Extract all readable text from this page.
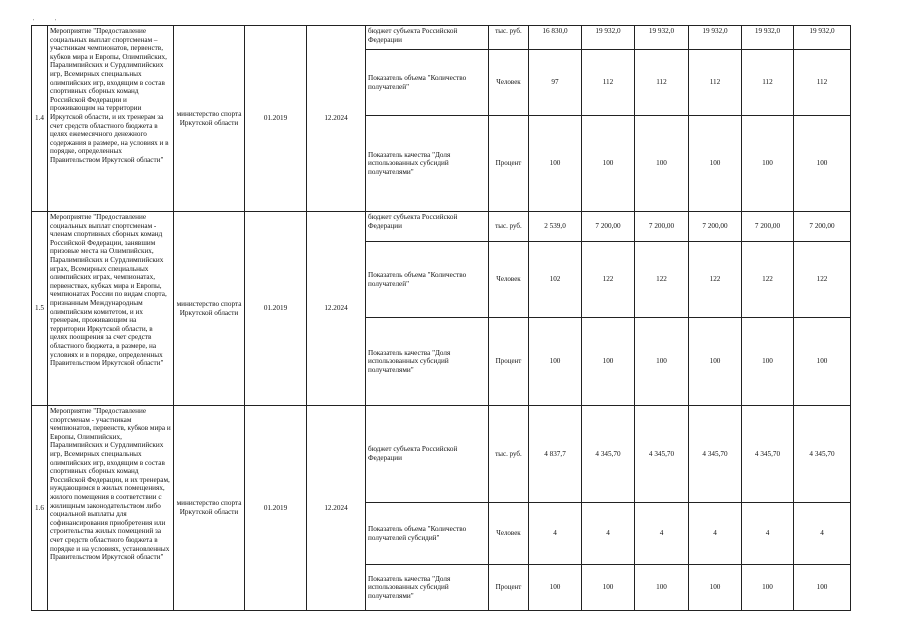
'	'
1.4	Мероприятие "Предоставление социальных выплат спортсменам – участникам чемпионатов, первенств, кубков мира и Европы, Олимпийских, Паралимпийских и Сурдлимпийских игр, Всемирных специальных олимпийских игр, входящим в состав спортивных сборных команд Российской Федерации и проживающим на территории Иркутской области, и их тренерам за счет средств областного бюджета в целях ежемесячного денежного содержания в размере, на условиях и в порядке, определенных Правительством Иркутской области"	министерство спорта Иркутской области	01.2019	12.2024	бюджет субъекта Российской Федерации	тыс. руб.	16 830,0	19 932,0	19 932,0	19 932,0	19 932,0	19 932,0
					Показатель объема "Количество получателей"	Человек	97	112	112	112	112	112
					Показатель качества "Доля использованных субсидий получателями"	Процент	100	100	100	100	100	100
1.5	Мероприятие "Предоставление социальных выплат спортсменам - членам спортивных сборных команд Российской Федерации, занявшим призовые места на Олимпийских, Паралимпийских и Сурдлимпийских играх, Всемирных специальных олимпийских играх, чемпионатах, первенствах, кубках мира и Европы, чемпионатах России по видам спорта, признанным Международным олимпийским комитетом, и их тренерам, проживающим на территории Иркутской области, в целях поощрения за счет средств областного бюджета, в размере, на условиях и в порядке, определенных Правительством Иркутской области"	министерство спорта Иркутской области	01.2019	12.2024	бюджет субъекта Российской Федерации	тыс. руб.	2 539,0	7 200,00	7 200,00	7 200,00	7 200,00	7 200,00
					Показатель объема "Количество получателей"	Человек	102	122	122	122	122	122
					Показатель качества "Доля использованных субсидий получателями"	Процент	100	100	100	100	100	100
1.6	Мероприятие "Предоставление спортсменам - участникам чемпионатов, первенств, кубков мира и Европы, Олимпийских, Паралимпийских и Сурдлимпийских игр, Всемирных специальных олимпийских игр, входящим в состав спортивных сборных команд Российской Федерации, и их тренерам, нуждающимся в жилых помещениях, жилого помещения в соответствии с жилищным законодательством либо социальной выплаты для софинансирования приобретения или строительства жилых помещений за счет средств областного бюджета в порядке и на условиях, установленных Правительством Иркутской области"	министерство спорта Иркутской области	01.2019	12.2024	бюджет субъекта Российской Федерации	тыс. руб.	4 837,7	4 345,70	4 345,70	4 345,70	4 345,70	4 345,70
					Показатель объема "Количество получателей субсидий"	Человек	4	4	4	4	4	4
					Показатель качества "Доля использованных субсидий получателями"	Процент	100	100	100	100	100	100
